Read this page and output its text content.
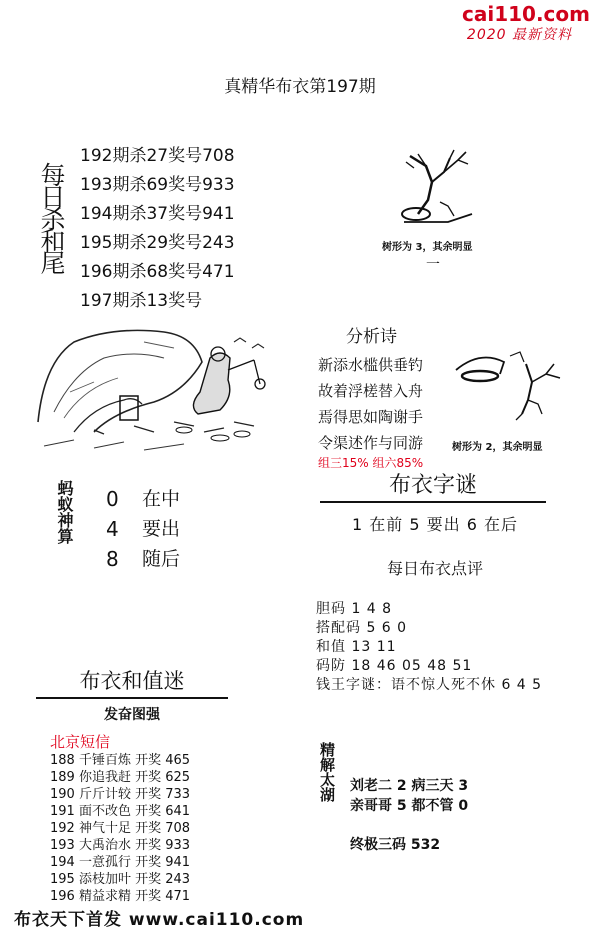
cai110.com
2020 最新资料
真精华布衣第197期
每日杀和尾
192期杀27奖号708
193期杀69奖号933
194期杀37奖号941
195期杀29奖号243
196期杀68奖号471
197期杀13奖号
树形为 3，其余明显
一
分析诗
新添水槛供垂钓
故着浮槎替入舟
焉得思如陶谢手
令渠述作与同游
组三15% 组六85%
树形为 2，其余明显
蚂蚁神算 0
4
8
在中
要出
随后
布衣字谜
1 在前 5 要出 6 在后
每日布衣点评
胆码 1 4 8
搭配码 5 6 0
和值 13 11
码防 18 46 05 48 51
钱王字谜：语不惊人死不休 6 4 5
布衣和值迷
发奋图强
北京短信
188 千锤百炼 开奖 465
189 你追我赶 开奖 625
190 斤斤计较 开奖 733
191 面不改色 开奖 641
192 神气十足 开奖 708
193 大禹治水 开奖 933
194 一意孤行 开奖 941
195 添枝加叶 开奖 243
196 精益求精 开奖 471
精解太湖 刘老二 2 病三天 3
亲哥哥 5 都不管 0
终极三码 532
布衣天下首发 www.cai110.com
